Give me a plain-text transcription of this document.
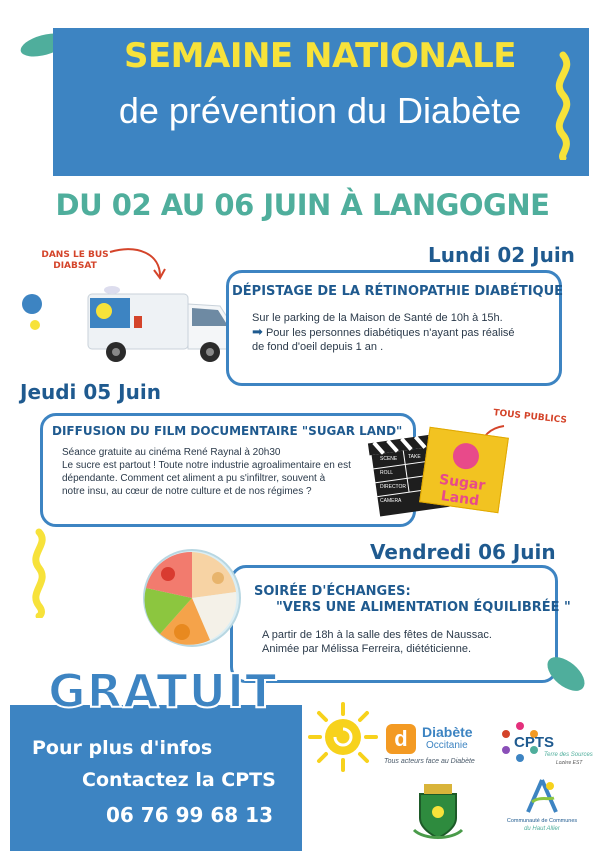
SEMAINE NATIONALE
de prévention du Diabète
DU 02 AU 06 JUIN À LANGOGNE
DANS LE BUS
DIABSAT	Lundi 02 Juin
DÉPISTAGE DE LA RÉTINOPATHIE DIABÉTIQUE
Sur le parking de la Maison de Santé de 10h à 15h.
➡ Pour les personnes diabétiques n'ayant pas réalisé
de fond d'oeil depuis 1 an .
Jeudi 05 Juin
DIFFUSION DU FILM DOCUMENTAIRE "SUGAR LAND"
Séance gratuite au cinéma René Raynal à 20h30
Le sucre est partout ! Toute notre industrie agroalimentaire en est
dépendante. Comment cet aliment a pu s'infiltrer, souvent à
notre insu, au cœur de notre culture et de nos régimes ?
TOUS PUBLICS
SCENE TAKE
ROLL
DIRECTOR
CAMERA
Sugar Land
Vendredi 06 Juin
SOIRÉE D'ÉCHANGES:
"VERS UNE ALIMENTATION ÉQUILIBRÉE "
A partir de 18h à la salle des fêtes de Naussac.
Animée par Mélissa Ferreira, diététicienne.
GRATUIT
Pour plus d'infos
Contactez la CPTS
06 76 99 68 13
d	Diabète
Occitanie
Tous acteurs face au Diabète
CPTS
Terre des Sources
Lozère EST
Communauté de Communes
du Haut Allier
